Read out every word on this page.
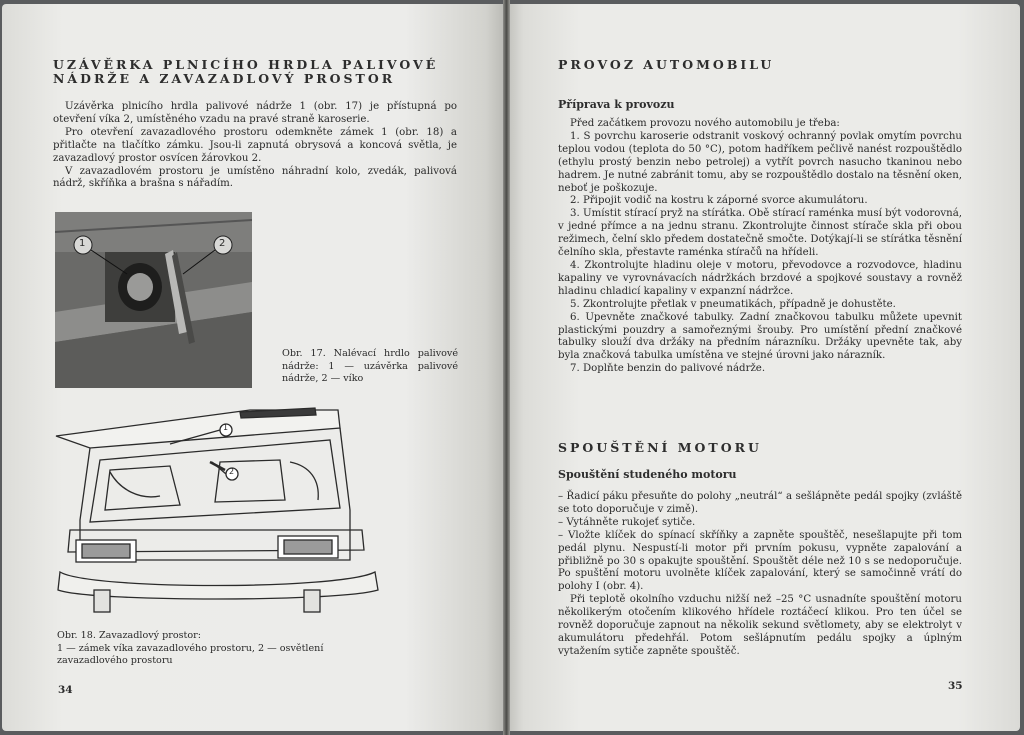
UZÁVĚRKA PLNICÍHO HRDLA PALIVOVÉ

NÁDRŽE A ZAVAZADLOVÝ PROSTOR

Uzávěrka plnicího hrdla palivové nádrže 1 (obr. 17) je přístupná po otevření víka 2, umístěného vzadu na pravé straně karoserie.

Pro otevření zavazadlového prostoru odemkněte zámek 1 (obr. 18) a přitlačte na tlačítko zámku. Jsou-li zapnutá obrysová a koncová světla, je zavazadlový prostor osvícen žárovkou 2.

V zavazadlovém prostoru je umístěno náhradní kolo, zvedák, palivová nádrž, skříňka a brašna s nářadím.

1	2
Obr. 17. Nalévací hrdlo palivové nádrže: 1 — uzávěrka palivové nádrže, 2 — víko
1
2
Obr. 18. Zavazadlový prostor:
1 — zámek víka zavazadlového prostoru, 2 — osvětlení zavazadlového prostoru
34

PROVOZ AUTOMOBILU

Příprava k provozu

Před začátkem provozu nového automobilu je třeba:

1. S povrchu karoserie odstranit voskový ochranný povlak omytím povrchu teplou vodou (teplota do 50 °C), potom hadříkem pečlivě nanést rozpouštědlo (ethylu prostý benzin nebo petrolej) a vytřít povrch nasucho tkaninou nebo hadrem. Je nutné zabránit tomu, aby se rozpouštědlo dostalo na těsnění oken, neboť je poškozuje.

2. Připojit vodič na kostru k záporné svorce akumulátoru.

3. Umístit stírací pryž na stírátka. Obě stírací raménka musí být vodorovná, v jedné přímce a na jednu stranu. Zkontrolujte činnost stírače skla při obou režimech, čelní sklo předem dostatečně smočte. Dotýkají-li se stírátka těsnění čelního skla, přestavte raménka stíračů na hřídeli.

4. Zkontrolujte hladinu oleje v motoru, převodovce a rozvodovce, hladinu kapaliny ve vyrovnávacích nádržkách brzdové a spojkové soustavy a rovněž hladinu chladicí kapaliny v expanzní nádržce.

5. Zkontrolujte přetlak v pneumatikách, případně je dohustěte.

6. Upevněte značkové tabulky. Zadní značkovou tabulku můžete upevnit plastickými pouzdry a samořeznými šrouby. Pro umístění přední značkové tabulky slouží dva držáky na předním nárazníku. Držáky upevněte tak, aby byla značková tabulka umístěna ve stejné úrovni jako nárazník.

7. Doplňte benzin do palivové nádrže.

SPOUŠTĚNÍ MOTORU

Spouštění studeného motoru

– Řadicí páku přesuňte do polohy „neutrál“ a sešlápněte pedál spojky (zvláště se toto doporučuje v zimě).
– Vytáhněte rukojeť sytiče.
– Vložte klíček do spínací skříňky a zapněte spouštěč, nesešlapujte při tom pedál plynu. Nespustí-li motor při prvním pokusu, vypněte zapalování a přibližně po 30 s opakujte spouštění. Spouštět déle než 10 s se nedoporučuje. Po spuštění motoru uvolněte klíček zapalování, který se samočinně vrátí do polohy I (obr. 4).
Při teplotě okolního vzduchu nižší než –25 °C usnadníte spouštění motoru několikerým otočením klikového hřídele roztáčecí klikou. Pro ten účel se rovněž doporučuje zapnout na několik sekund světlomety, aby se elektrolyt v akumulátoru předehřál. Potom sešlápnutím pedálu spojky a úplným vytažením sytiče zapněte spouštěč.
35
